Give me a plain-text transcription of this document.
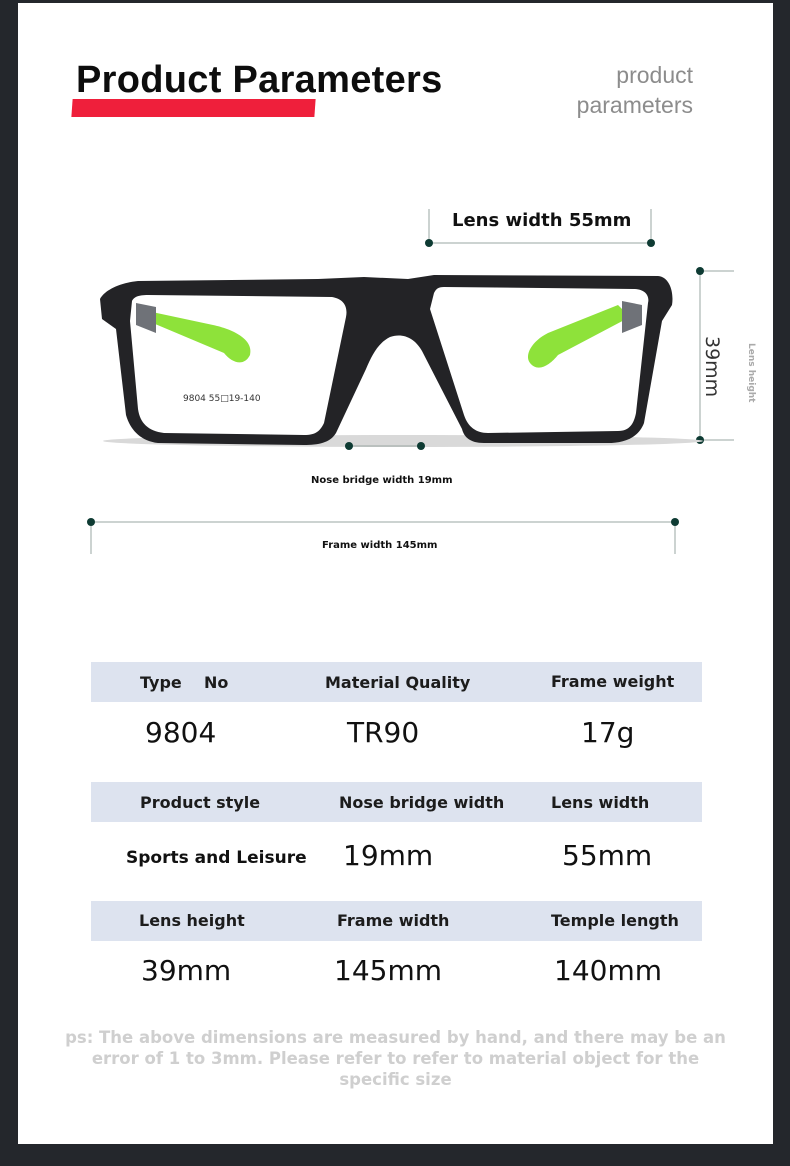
Product Parameters	product parameters
9804 55□19-140
Lens width 55mm
39mm	Lens height
Nose bridge width 19mm
Frame width 145mm
Type No	Material Quality	Frame weight
9804	TR90	17g
Product style	Nose bridge width	Lens width
Sports and Leisure 19mm	55mm
Lens height	Frame width	Temple length
39mm	145mm	140mm
ps: The above dimensions are measured by hand, and there may be an error of 1 to 3mm. Please refer to refer to material object for the specific size
